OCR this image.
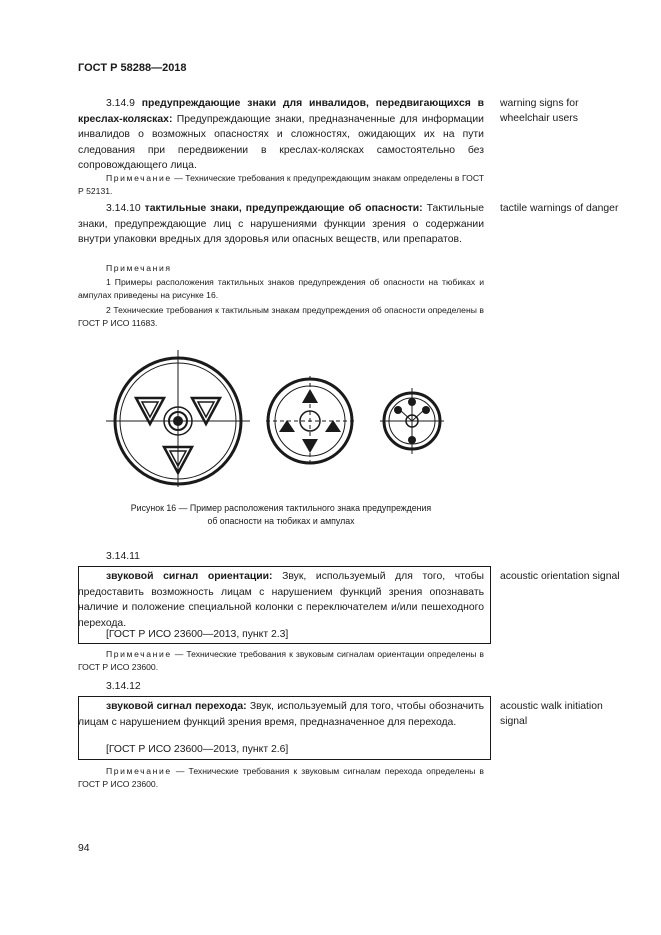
ГОСТ Р 58288—2018
3.14.9 предупреждающие знаки для инвалидов, передвигающихся в креслах-колясках: Предупреждающие знаки, предназначенные для информации инвалидов о возможных опасностях и сложностях, ожидающих их на пути следования при передвижении в креслах-колясках самостоятельно без сопровождающего лица.
warning signs for wheelchair users
Примечание — Технические требования к предупреждающим знакам определены в ГОСТ Р 52131.
3.14.10 тактильные знаки, предупреждающие об опасности: Тактильные знаки, предупреждающие лиц с нарушениями функции зрения о содержании внутри упаковки вредных для здоровья или опасных веществ, или препаратов.
tactile warnings of danger
Примечания
1 Примеры расположения тактильных знаков предупреждения об опасности на тюбиках и ампулах приведены на рисунке 16.
2 Технические требования к тактильным знакам предупреждения об опасности определены в ГОСТ Р ИСО 11683.

Рисунок 16 — Пример расположения тактильного знака предупреждения

об опасности на тюбиках и ампулах

3.14.11
звуковой сигнал ориентации: Звук, используемый для того, чтобы предоставить возможность лицам с нарушением функций зрения опознавать наличие и положение специальной колонки с переключателем и/или пешеходного перехода.
[ГОСТ Р ИСО 23600—2013, пункт 2.3]
acoustic orientation signal
Примечание — Технические требования к звуковым сигналам ориентации определены в ГОСТ Р ИСО 23600.
3.14.12
звуковой сигнал перехода: Звук, используемый для того, чтобы обозначить лицам с нарушением функций зрения время, предназначенное для перехода.
[ГОСТ Р ИСО 23600—2013, пункт 2.6]
acoustic walk initiation signal
Примечание — Технические требования к звуковым сигналам перехода определены в ГОСТ Р ИСО 23600.
94
